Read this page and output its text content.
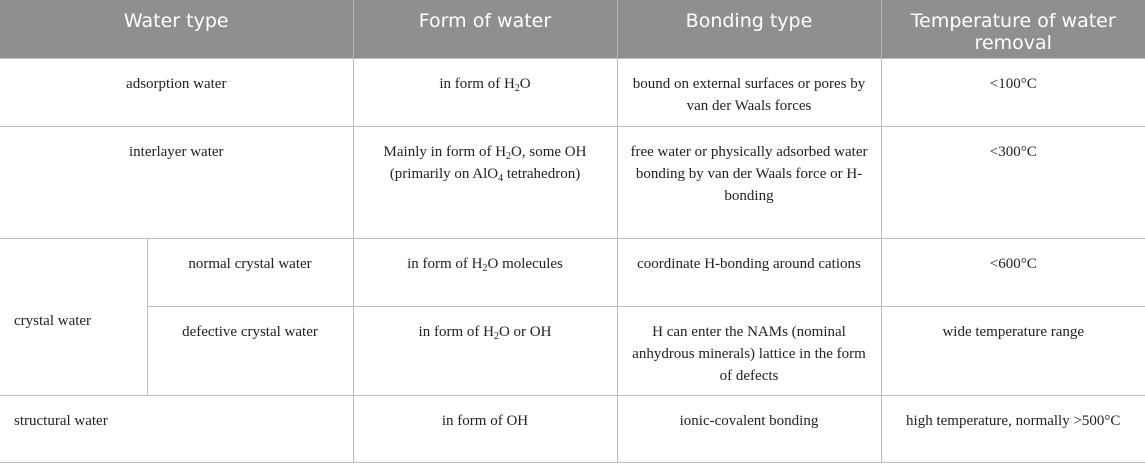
Water type		Form of water	Bonding type	Temperature of water removal
adsorption water		in form of $H_2O$	bound on external surfaces or pores by van der Waals forces	<100°C
interlayer water		Mainly in form of $H_2O$, some OH (primarily on AlO$_4$ tetrahedron)	free water or physically adsorbed water bonding by van der Waals force or H-bonding	<300°C
crystal water	normal crystal water	in form of $H_2O$ molecules	coordinate H-bonding around cations	<600°C
	defective crystal water	in form of $H_2O$ or OH	H can enter the NAMs (nominal anhydrous minerals) lattice in the form of defects	wide temperature range
structural water		in form of OH	ionic-covalent bonding	high temperature, normally >500°C
